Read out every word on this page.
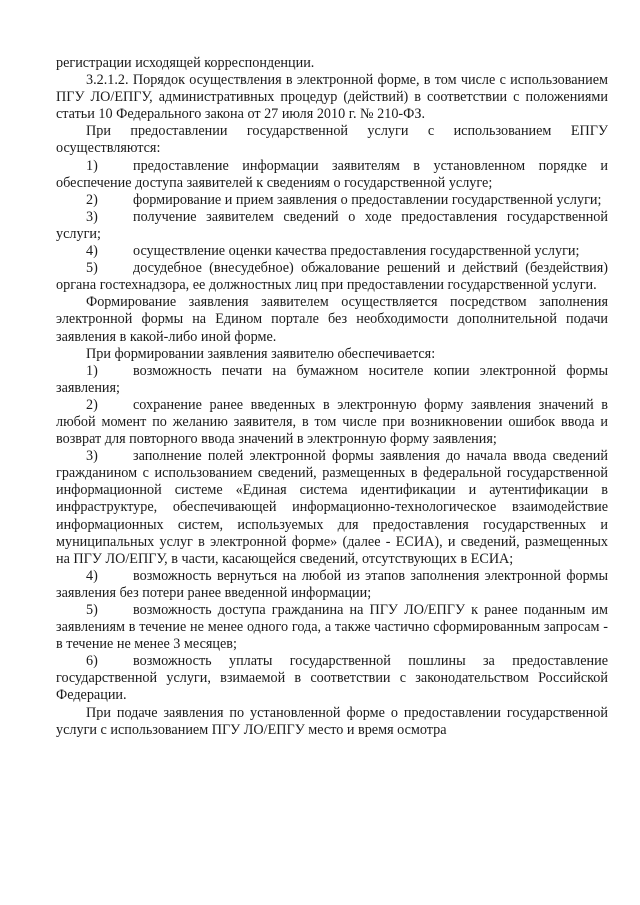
регистрации исходящей корреспонденции.

3.2.1.2. Порядок осуществления в электронной форме, в том числе с использованием ПГУ ЛО/ЕПГУ, административных процедур (действий) в соответствии с положениями статьи 10 Федерального закона от 27 июля 2010 г. № 210-ФЗ.

При предоставлении государственной услуги с использованием ЕПГУ осуществляются:

1) предоставление информации заявителям в установленном порядке и обеспечение доступа заявителей к сведениям о государственной услуге;

2) формирование и прием заявления о предоставлении государственной услуги;

3) получение заявителем сведений о ходе предоставления государственной услуги;

4) осуществление оценки качества предоставления государственной услуги;

5) досудебное (внесудебное) обжалование решений и действий (бездействия) органа гостехнадзора, ее должностных лиц при предоставлении государственной услуги.

Формирование заявления заявителем осуществляется посредством заполнения электронной формы на Едином портале без необходимости дополнительной подачи заявления в какой-либо иной форме.

При формировании заявления заявителю обеспечивается:

1) возможность печати на бумажном носителе копии электронной формы заявления;

2) сохранение ранее введенных в электронную форму заявления значений в любой момент по желанию заявителя, в том числе при возникновении ошибок ввода и возврат для повторного ввода значений в электронную форму заявления;

3) заполнение полей электронной формы заявления до начала ввода сведений гражданином с использованием сведений, размещенных в федеральной государственной информационной системе «Единая система идентификации и аутентификации в инфраструктуре, обеспечивающей информационно-технологическое взаимодействие информационных систем, используемых для предоставления государственных и муниципальных услуг в электронной форме» (далее - ЕСИА), и сведений, размещенных на ПГУ ЛО/ЕПГУ, в части, касающейся сведений, отсутствующих в ЕСИА;

4) возможность вернуться на любой из этапов заполнения электронной формы заявления без потери ранее введенной информации;

5) возможность доступа гражданина на ПГУ ЛО/ЕПГУ к ранее поданным им заявлениям в течение не менее одного года, а также частично сформированным запросам - в течение не менее 3 месяцев;

6) возможность уплаты государственной пошлины за предоставление государственной услуги, взимаемой в соответствии с законодательством Российской Федерации.

При подаче заявления по установленной форме о предоставлении государственной услуги с использованием ПГУ ЛО/ЕПГУ место и время осмотра
